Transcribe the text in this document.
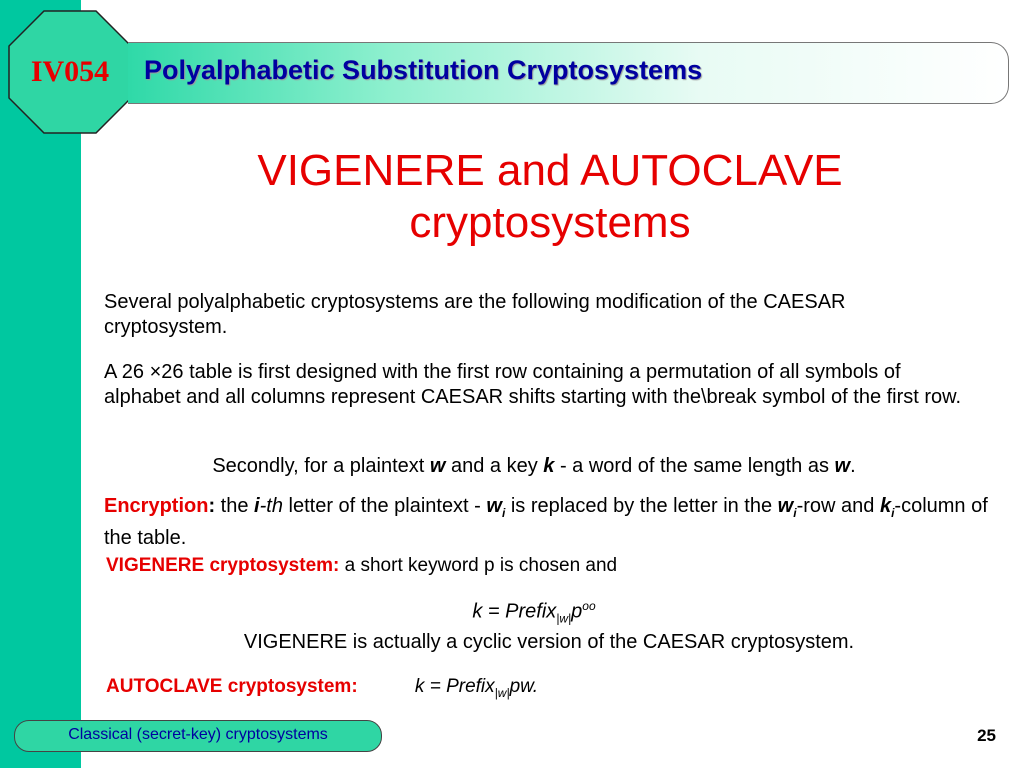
IV054	Polyalphabetic Substitution Cryptosystems
VIGENERE and AUTOCLAVE
cryptosystems
Several polyalphabetic cryptosystems are the following modification of the CAESAR cryptosystem.
A 26 ×26 table is first designed with the first row containing a permutation of all symbols of alphabet and all columns represent CAESAR shifts starting with the\break symbol of the first row.
Secondly, for a plaintext w and a key k - a word of the same length as w.
Encryption: the i-th letter of the plaintext - $w_i$ is replaced by the letter in the $w_i$-row and $k_i$-column of the table.
VIGENERE cryptosystem: a short keyword p is chosen and
$k = Prefix_{|w|}p^{oo}$
VIGENERE is actually a cyclic version of the CAESAR cryptosystem.
AUTOCLAVE cryptosystem:	k = Prefix$_{|w|}$pw.
Classical (secret-key) cryptosystems	25
